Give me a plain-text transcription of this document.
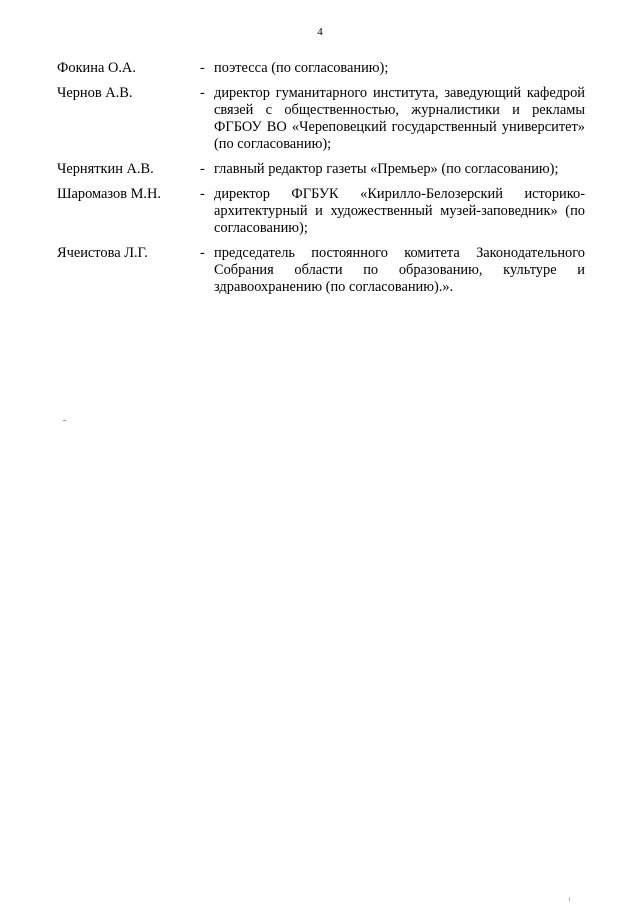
4
Фокина О.А.	- поэтесса (по согласованию);
Чернов А.В.	- директор гуманитарного института, заведующий кафедрой связей с общественностью, журналистики и рекламы ФГБОУ ВО «Череповецкий государственный университет» (по согласованию);
Черняткин А.В.	- главный редактор газеты «Премьер» (по согласованию);
Шаромазов М.Н.	- директор ФГБУК «Кирилло-Белозерский историко-архитектурный и художественный музей-заповедник» (по согласованию);
Ячеистова Л.Г.	- председатель постоянного комитета Законодательного Собрания области по образованию, культуре и здравоохранению (по согласованию).».
